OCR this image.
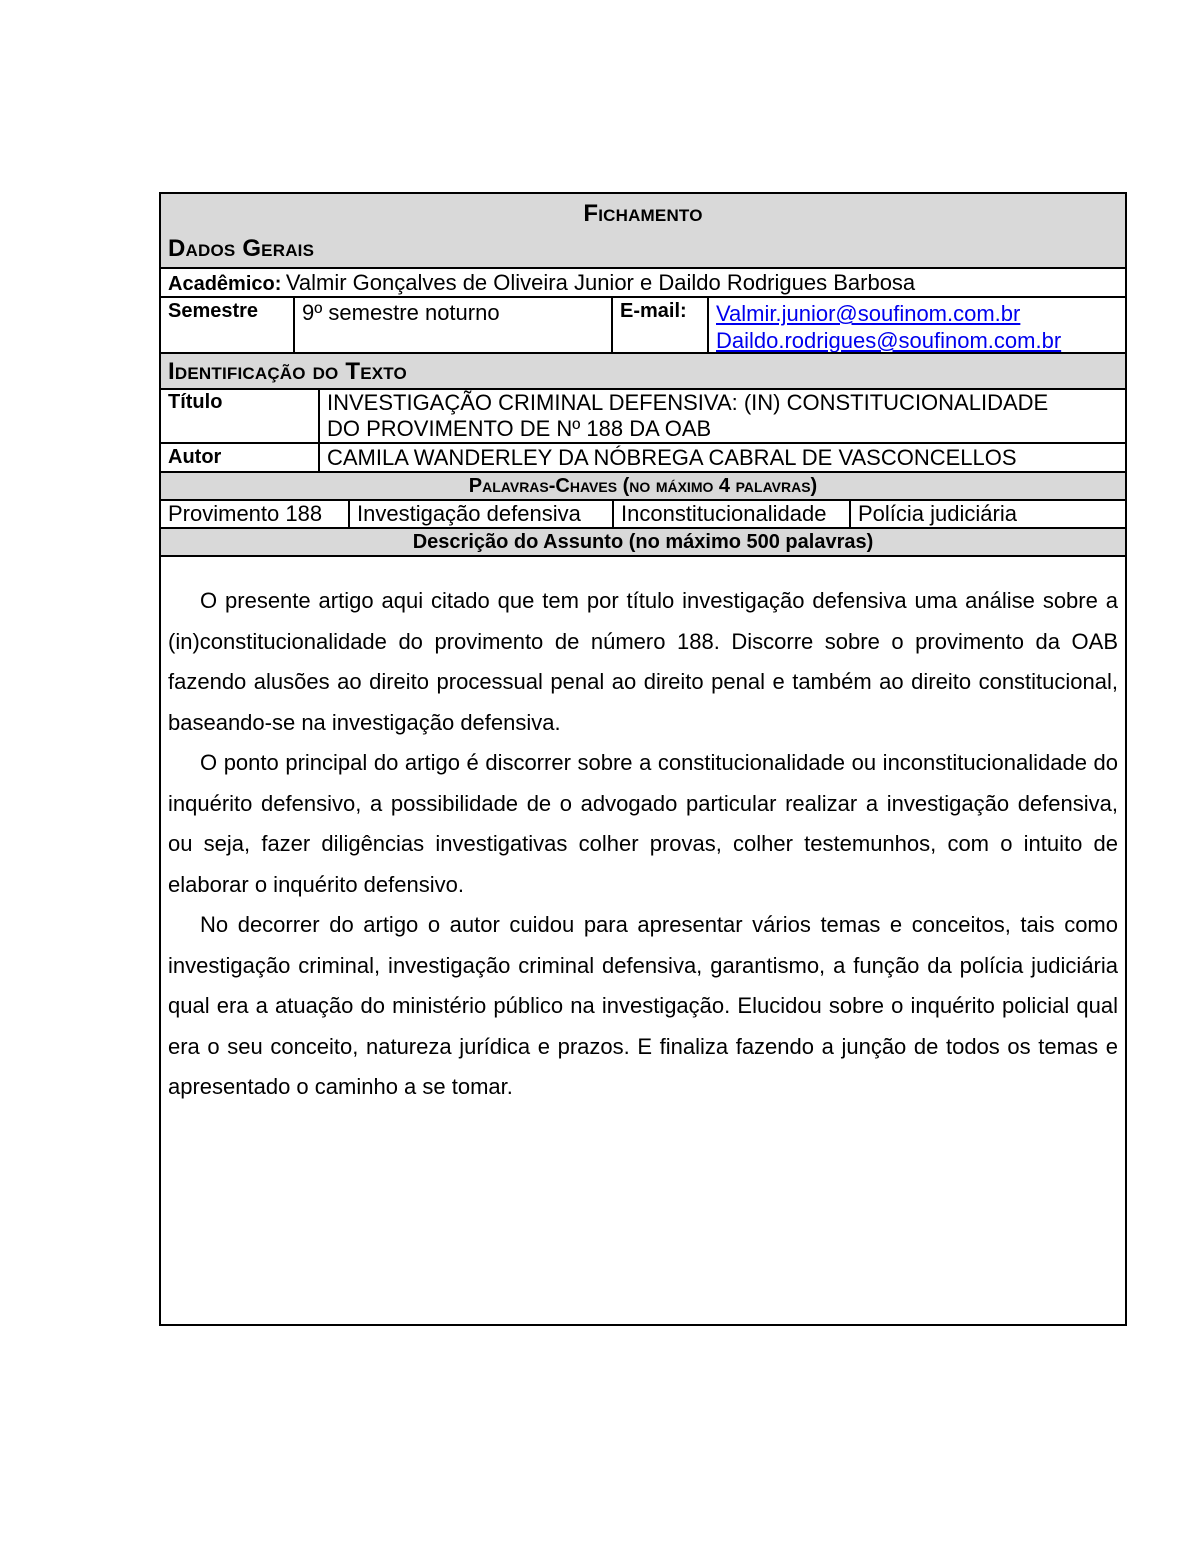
Fichamento
Dados Gerais
Acadêmico: Valmir Gonçalves de Oliveira Junior e Daildo Rodrigues Barbosa
Semestre	9º semestre noturno	E-mail:	Valmir.junior@soufinom.com.br
Daildo.rodrigues@soufinom.com.br
Identificação do Texto
Título	INVESTIGAÇÃO CRIMINAL DEFENSIVA: (IN) CONSTITUCIONALIDADE
DO PROVIMENTO DE Nº 188 DA OAB
Autor	CAMILA WANDERLEY DA NÓBREGA CABRAL DE VASCONCELLOS
Palavras-Chaves (no máximo 4 palavras)
Provimento 188	Investigação defensiva	Inconstitucionalidade	Polícia judiciária
Descrição do Assunto (no máximo 500 palavras)

O presente artigo aqui citado que tem por título investigação defensiva uma análise sobre a (in)constitucionalidade do provimento de número 188. Discorre sobre o provimento da OAB fazendo alusões ao direito processual penal ao direito penal e também ao direito constitucional, baseando-se na investigação defensiva.

O ponto principal do artigo é discorrer sobre a constitucionalidade ou inconstitucionalidade do inquérito defensivo, a possibilidade de o advogado particular realizar a investigação defensiva, ou seja, fazer diligências investigativas colher provas, colher testemunhos, com o intuito de elaborar o inquérito defensivo.

No decorrer do artigo o autor cuidou para apresentar vários temas e conceitos, tais como investigação criminal, investigação criminal defensiva, garantismo, a função da polícia judiciária qual era a atuação do ministério público na investigação. Elucidou sobre o inquérito policial qual era o seu conceito, natureza jurídica e prazos. E finaliza fazendo a junção de todos os temas e apresentado o caminho a se tomar.
